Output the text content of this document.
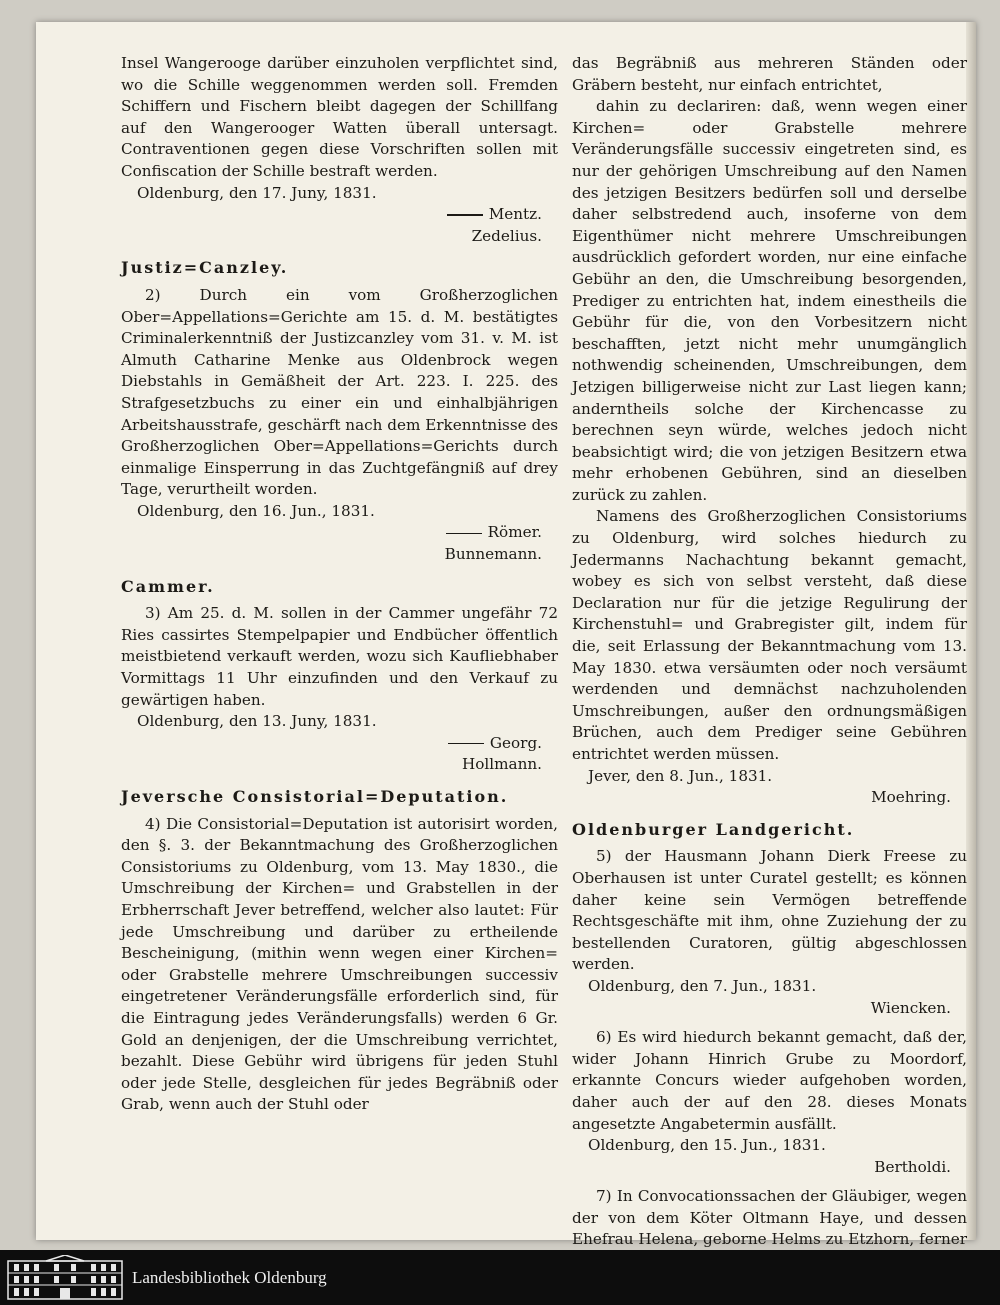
Insel Wangerooge darüber einzuholen verpflichtet sind, wo die Schille weggenommen werden soll. Fremden Schiffern und Fischern bleibt dagegen der Schillfang auf den Wangerooger Watten überall untersagt. Contraventionen gegen diese Vorschriften sollen mit Confiscation der Schille bestraft werden.

Oldenburg, den 17. Juny, 1831.

Mentz.

Zedelius.

Justiz=Canzley.

2) Durch ein vom Großherzoglichen Ober=Appellations=Gerichte am 15. d. M. bestätigtes Criminalerkenntniß der Justizcanzley vom 31. v. M. ist Almuth Catharine Menke aus Oldenbrock wegen Diebstahls in Gemäßheit der Art. 223. I. 225. des Strafgesetzbuchs zu einer ein und einhalbjährigen Arbeitshausstrafe, geschärft nach dem Erkenntnisse des Großherzoglichen Ober=Appellations=Gerichts durch einmalige Einsperrung in das Zuchtgefängniß auf drey Tage, verurtheilt worden.

Oldenburg, den 16. Jun., 1831.

Römer.

Bunnemann.

Cammer.

3) Am 25. d. M. sollen in der Cammer ungefähr 72 Ries cassirtes Stempelpapier und Endbücher öffentlich meistbietend verkauft werden, wozu sich Kaufliebhaber Vormittags 11 Uhr einzufinden und den Verkauf zu gewärtigen haben.

Oldenburg, den 13. Juny, 1831.

Georg.

Hollmann.

Jeversche Consistorial=Deputation.

4) Die Consistorial=Deputation ist autorisirt worden, den §. 3. der Bekanntmachung des Großherzoglichen Consistoriums zu Oldenburg, vom 13. May 1830., die Umschreibung der Kirchen= und Grabstellen in der Erbherrschaft Jever betreffend, welcher also lautet: Für jede Umschreibung und darüber zu ertheilende Bescheinigung, (mithin wenn wegen einer Kirchen= oder Grabstelle mehrere Umschreibungen successiv eingetretener Veränderungsfälle erforderlich sind, für die Eintragung jedes Veränderungsfalls) werden 6 Gr. Gold an denjenigen, der die Umschreibung verrichtet, bezahlt. Diese Gebühr wird übrigens für jeden Stuhl oder jede Stelle, desgleichen für jedes Begräbniß oder Grab, wenn auch der Stuhl oder

das Begräbniß aus mehreren Ständen oder Gräbern besteht, nur einfach entrichtet,

dahin zu declariren: daß, wenn wegen einer Kirchen= oder Grabstelle mehrere Veränderungsfälle successiv eingetreten sind, es nur der gehörigen Umschreibung auf den Namen des jetzigen Besitzers bedürfen soll und derselbe daher selbstredend auch, insoferne von dem Eigenthümer nicht mehrere Umschreibungen ausdrücklich gefordert worden, nur eine einfache Gebühr an den, die Umschreibung besorgenden, Prediger zu entrichten hat, indem einestheils die Gebühr für die, von den Vorbesitzern nicht beschafften, jetzt nicht mehr unumgänglich nothwendig scheinenden, Umschreibungen, dem Jetzigen billigerweise nicht zur Last liegen kann; anderntheils solche der Kirchencasse zu berechnen seyn würde, welches jedoch nicht beabsichtigt wird; die von jetzigen Besitzern etwa mehr erhobenen Gebühren, sind an dieselben zurück zu zahlen.

Namens des Großherzoglichen Consistoriums zu Oldenburg, wird solches hiedurch zu Jedermanns Nachachtung bekannt gemacht, wobey es sich von selbst versteht, daß diese Declaration nur für die jetzige Regulirung der Kirchenstuhl= und Grabregister gilt, indem für die, seit Erlassung der Bekanntmachung vom 13. May 1830. etwa versäumten oder noch versäumt werdenden und demnächst nachzuholenden Umschreibungen, außer den ordnungsmäßigen Brüchen, auch dem Prediger seine Gebühren entrichtet werden müssen.

Jever, den 8. Jun., 1831.

Moehring.

Oldenburger Landgericht.

5) der Hausmann Johann Dierk Freese zu Oberhausen ist unter Curatel gestellt; es können daher keine sein Vermögen betreffende Rechtsgeschäfte mit ihm, ohne Zuziehung der zu bestellenden Curatoren, gültig abgeschlossen werden.

Oldenburg, den 7. Jun., 1831.

Wiencken.

6) Es wird hiedurch bekannt gemacht, daß der, wider Johann Hinrich Grube zu Moordorf, erkannte Concurs wieder aufgehoben worden, daher auch der auf den 28. dieses Monats angesetzte Angabetermin ausfällt.

Oldenburg, den 15. Jun., 1831.

Bertholdi.

7) In Convocationssachen der Gläubiger, wegen der von dem Köter Oltmann Haye, und dessen Ehefrau Helena, geborne Helms zu Etzhorn, ferner

Landesbibliothek Oldenburg
